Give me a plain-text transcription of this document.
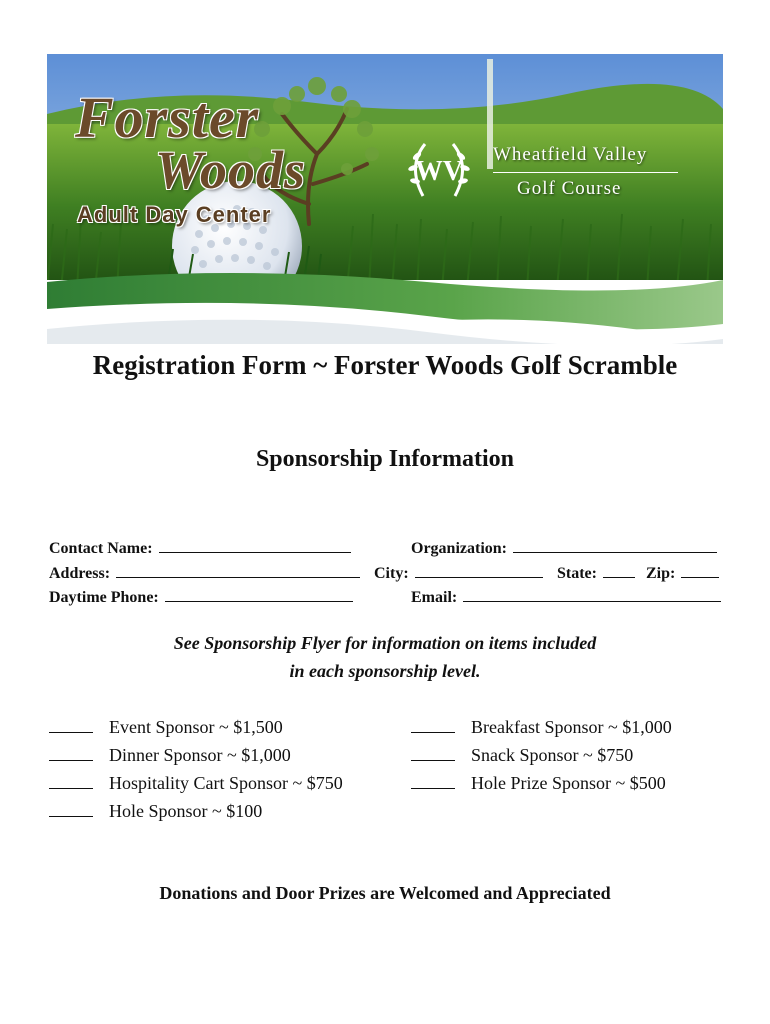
Forster
Woods
Adult Day Center
WV
Wheatfield Valley
Golf Course
Registration Form ~ Forster Woods Golf Scramble
Sponsorship Information
Contact Name:	Organization:
Address:	City:	State:	Zip:
Daytime Phone:	Email:
See Sponsorship Flyer for information on items included
in each sponsorship level.
Event Sponsor ~ $1,500
Dinner Sponsor ~ $1,000
Hospitality Cart Sponsor ~ $750
Hole Sponsor ~ $100
Breakfast Sponsor ~ $1,000
Snack Sponsor ~ $750
Hole Prize Sponsor ~ $500
Donations and Door Prizes are Welcomed and Appreciated
